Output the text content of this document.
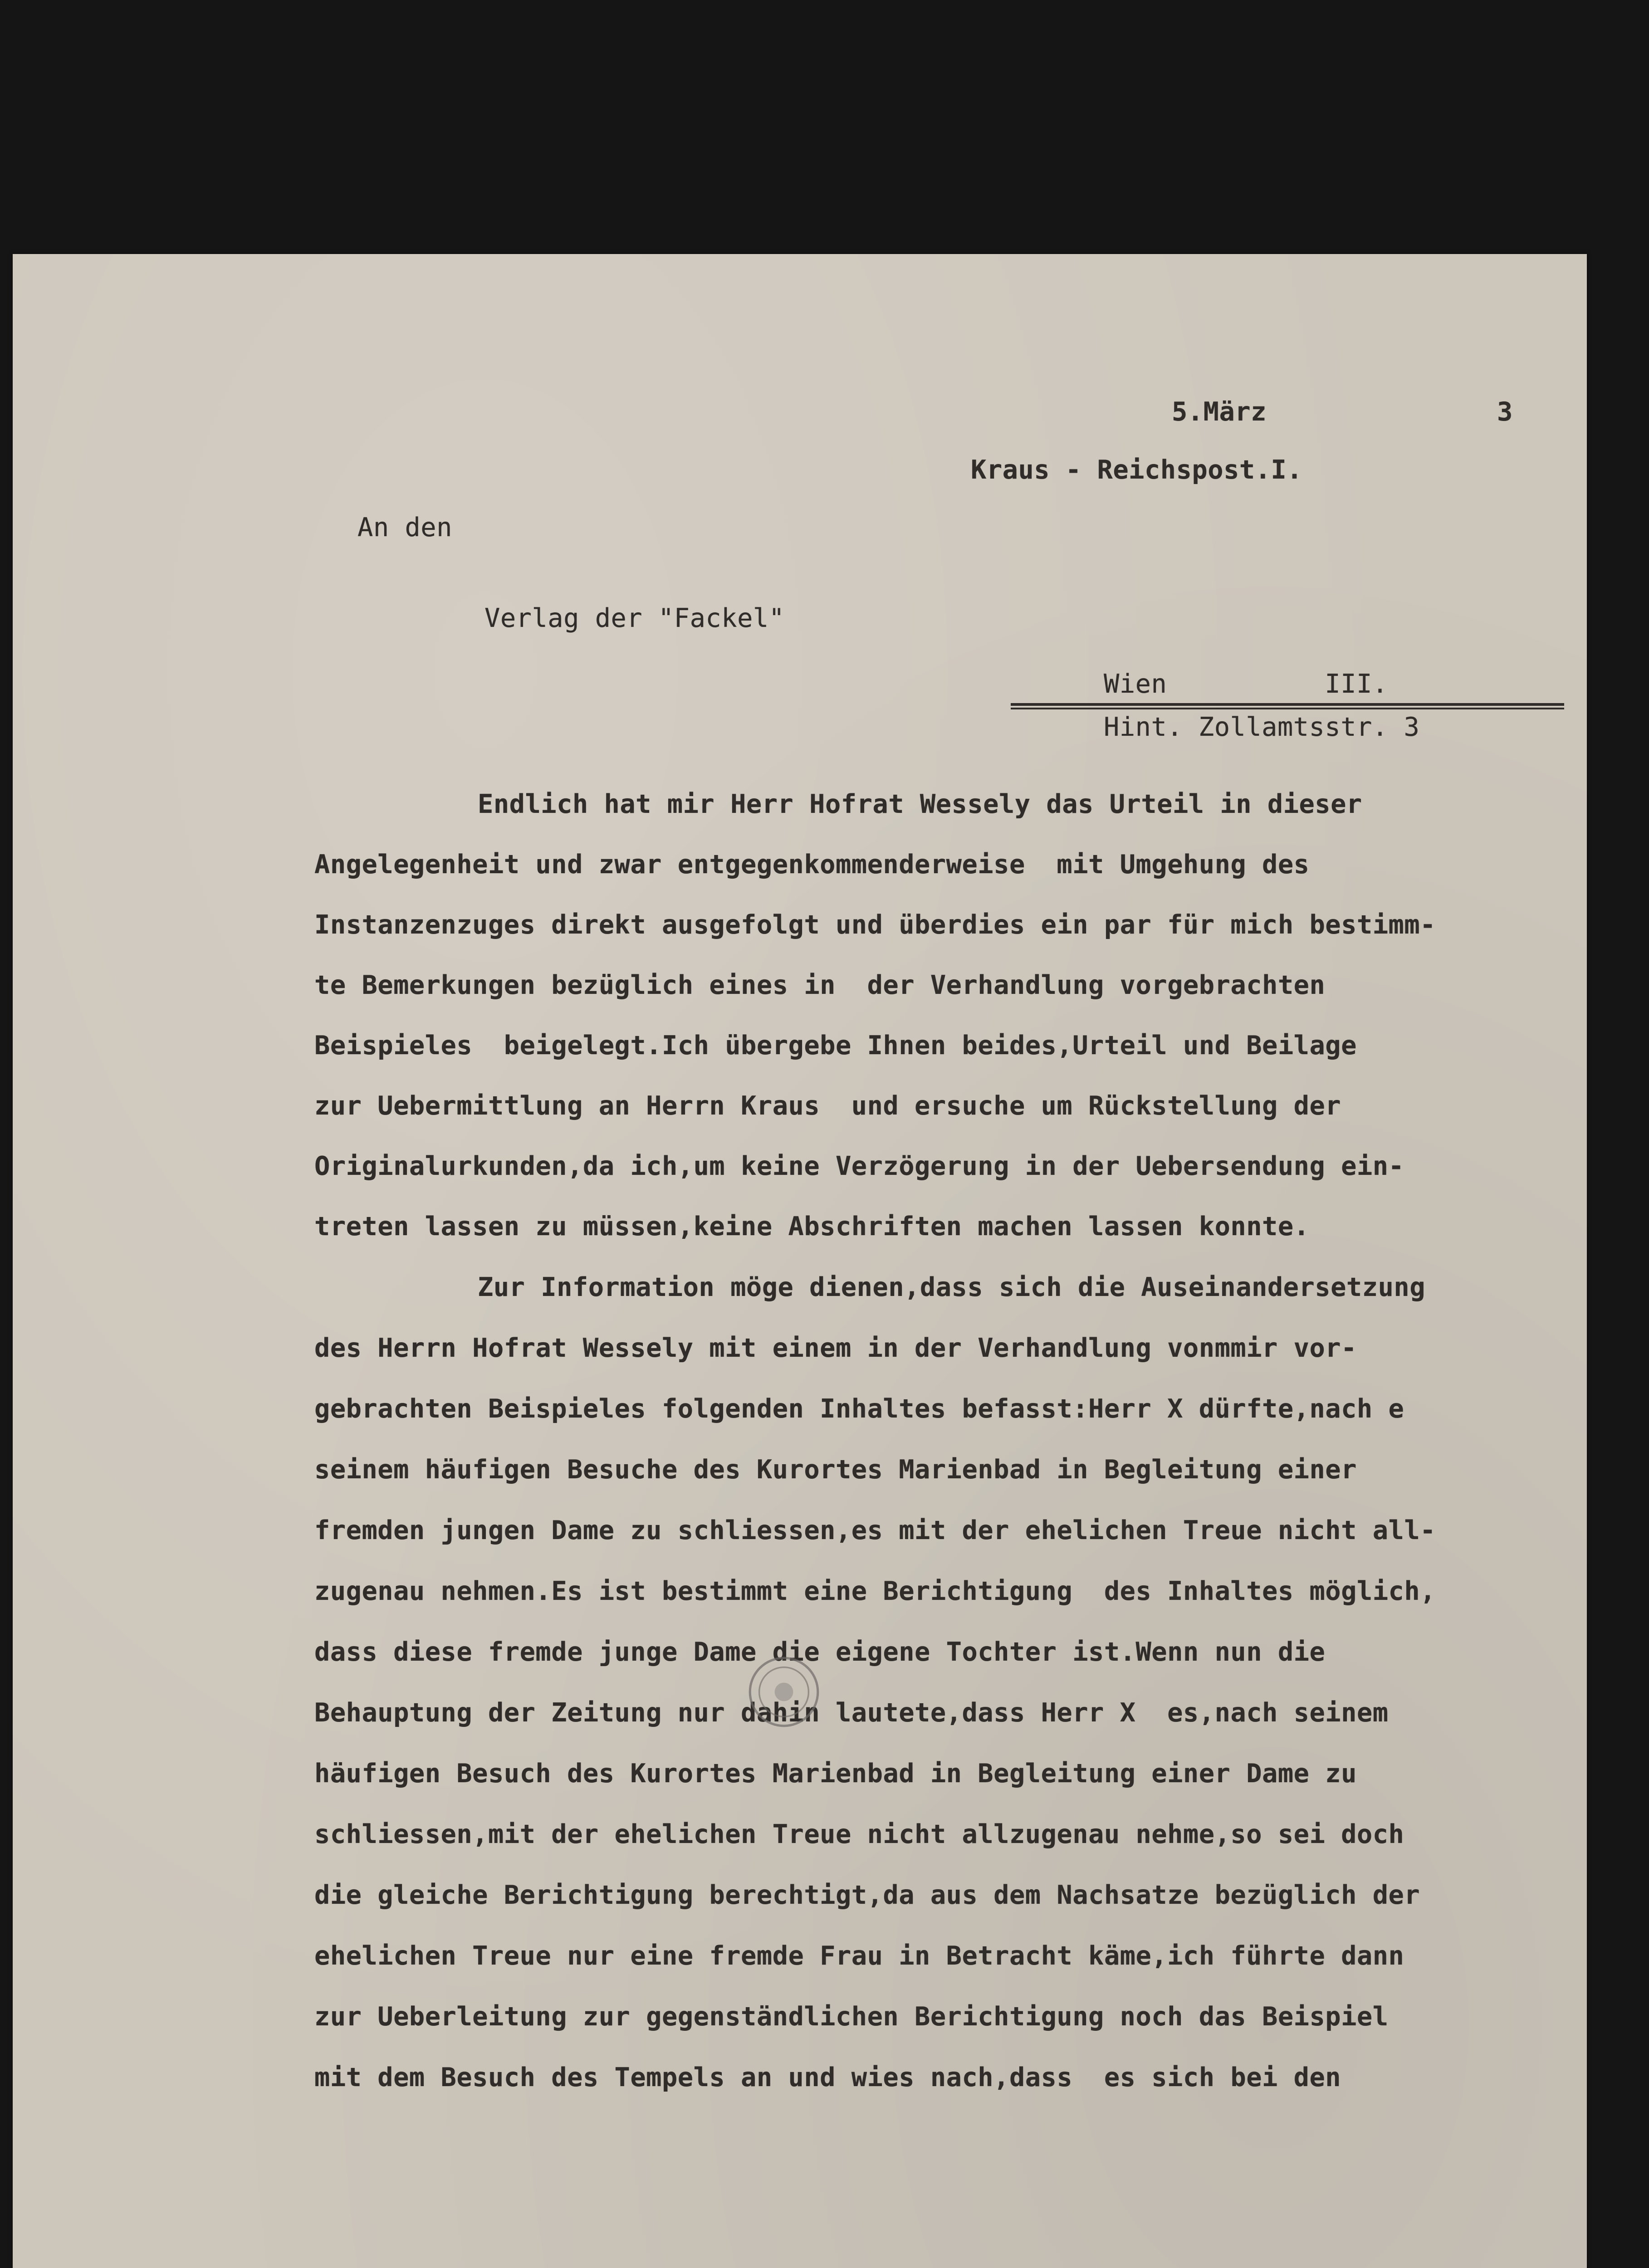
5.März	3
Kraus - Reichspost.I.
An den
Verlag der "Fackel"
Wien          III.
Hint. Zollamtsstr. 3
Endlich hat mir Herr Hofrat Wessely das Urteil in dieser
Angelegenheit und zwar entgegenkommenderweise  mit Umgehung des
Instanzenzuges direkt ausgefolgt und überdies ein par für mich bestimm-
te Bemerkungen bezüglich eines in  der Verhandlung vorgebrachten
Beispieles  beigelegt.Ich übergebe Ihnen beides,Urteil und Beilage
zur Uebermittlung an Herrn Kraus  und ersuche um Rückstellung der
Originalurkunden,da ich,um keine Verzögerung in der Uebersendung ein-
treten lassen zu müssen,keine Abschriften machen lassen konnte.
Zur Information möge dienen,dass sich die Auseinandersetzung
des Herrn Hofrat Wessely mit einem in der Verhandlung vonmmir vor-
gebrachten Beispieles folgenden Inhaltes befasst:Herr X dürfte,nach e
seinem häufigen Besuche des Kurortes Marienbad in Begleitung einer
fremden jungen Dame zu schliessen,es mit der ehelichen Treue nicht all-
zugenau nehmen.Es ist bestimmt eine Berichtigung  des Inhaltes möglich,
dass diese fremde junge Dame die eigene Tochter ist.Wenn nun die
Behauptung der Zeitung nur dahin lautete,dass Herr X  es,nach seinem
häufigen Besuch des Kurortes Marienbad in Begleitung einer Dame zu
schliessen,mit der ehelichen Treue nicht allzugenau nehme,so sei doch
die gleiche Berichtigung berechtigt,da aus dem Nachsatze bezüglich der
ehelichen Treue nur eine fremde Frau in Betracht käme,ich führte dann
zur Ueberleitung zur gegenständlichen Berichtigung noch das Beispiel
mit dem Besuch des Tempels an und wies nach,dass  es sich bei den
